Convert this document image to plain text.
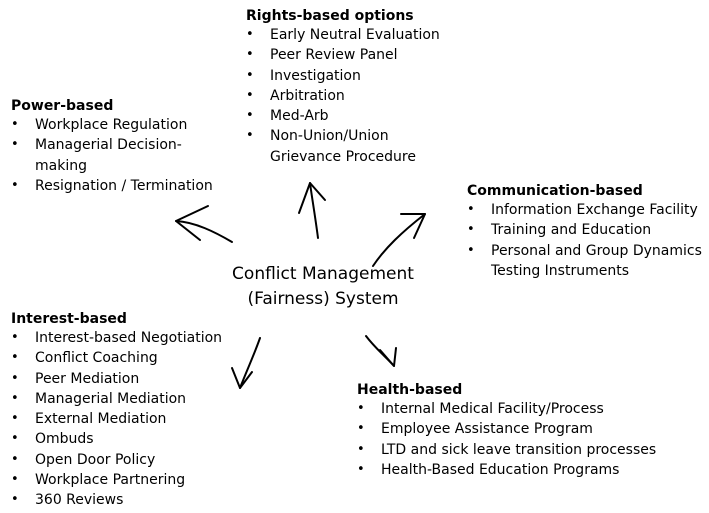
Conflict Management
(Fairness) System
Rights-based options
• Early Neutral Evaluation
• Peer Review Panel
• Investigation
• Arbitration
• Med-Arb
• Non-Union/Union
Grievance Procedure
Power-based
• Workplace Regulation
• Managerial Decision-
making
• Resignation / Termination	Communication-based
• Information Exchange Facility
• Training and Education
• Personal and Group Dynamics
Testing Instruments
Interest-based
• Interest-based Negotiation
• Conflict Coaching
• Peer Mediation
• Managerial Mediation
• External Mediation
• Ombuds
• Open Door Policy
• Workplace Partnering
• 360 Reviews
Health-based
• Internal Medical Facility/Process
• Employee Assistance Program
• LTD and sick leave transition processes
• Health-Based Education Programs
